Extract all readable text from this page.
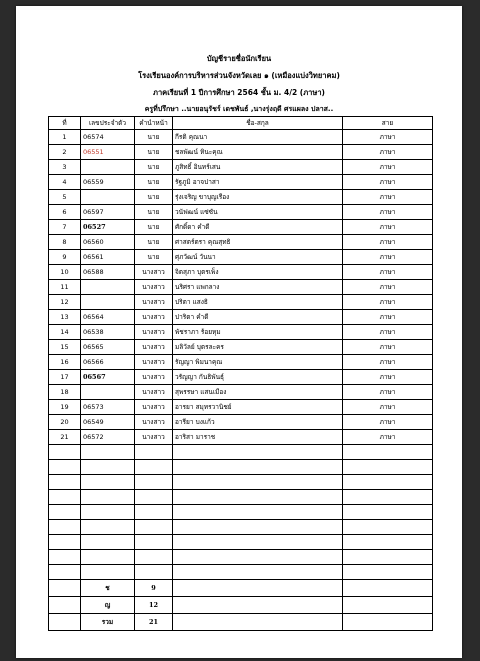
บัญชีรายชื่อนักเรียน
โรงเรียนองค์การบริหารส่วนจังหวัดเลย ๑ (เหมืองแบ่งวิทยาคม)
ภาคเรียนที่ 1 ปีการศึกษา 2564 ชั้น ม. 4/2 (ภาษา)
ครูที่ปรึกษา ..นายอนุรัชร์ เดชพันธ์ ,นางรุ่งฤดี ศรแผลง ปลาส..
ที่	เลขประจำตัว	คำนำหน้า	ชื่อ-สกุล	สาย
1	06574	นาย	กีรติ คุณนา	ภาษา
2	06551	นาย	ชลพัฒน์ หินะคุณ	ภาษา
3		นาย	ภูสิทธิ์ อินทร์เสน	ภาษา
4	06559	นาย	รัฐภูมิ อาจปาสา	ภาษา
5		นาย	รุ่งเจริญ ขาบุญเรือง	ภาษา
6	06597	นาย	วนัฟฒน์ แซ่ซัน	ภาษา
7	06527	นาย	ศักดิ์ดา คำดี	ภาษา
8	06560	นาย	ศาสตร์ตรา คุณสุทธิ	ภาษา
9	06561	นาย	ศุภวัฒน์ วันนา	ภาษา
10	06588	นางสาว	จิตสุภา บุตรเพ็ง	ภาษา
11		นางสาว	นริศรา แพกลาง	ภาษา
12		นางสาว	ปริตา แสงธิ	ภาษา
13	06564	นางสาว	ปาริตา คำดี	ภาษา
14	06538	นางสาว	พัชราภา ร้อยหุม	ภาษา
15	06565	นางสาว	มลิวัลย์ บุตรละคร	ภาษา
16	06566	นางสาว	รัญญา พิมนาคุณ	ภาษา
17	06567	นางสาว	วรัญญา กันธิพันธุ์	ภาษา
18		นางสาว	สุพรรษา แสนเมือง	ภาษา
19	06573	นางสาว	อารยา สมุทรวานิชย์	ภาษา
20	06549	นางสาว	อารียา บงแก้ว	ภาษา
21	06572	นางสาว	อาริสา มาราช	ภาษา

	ช	9		
	ญ	12		
	รวม	21		
